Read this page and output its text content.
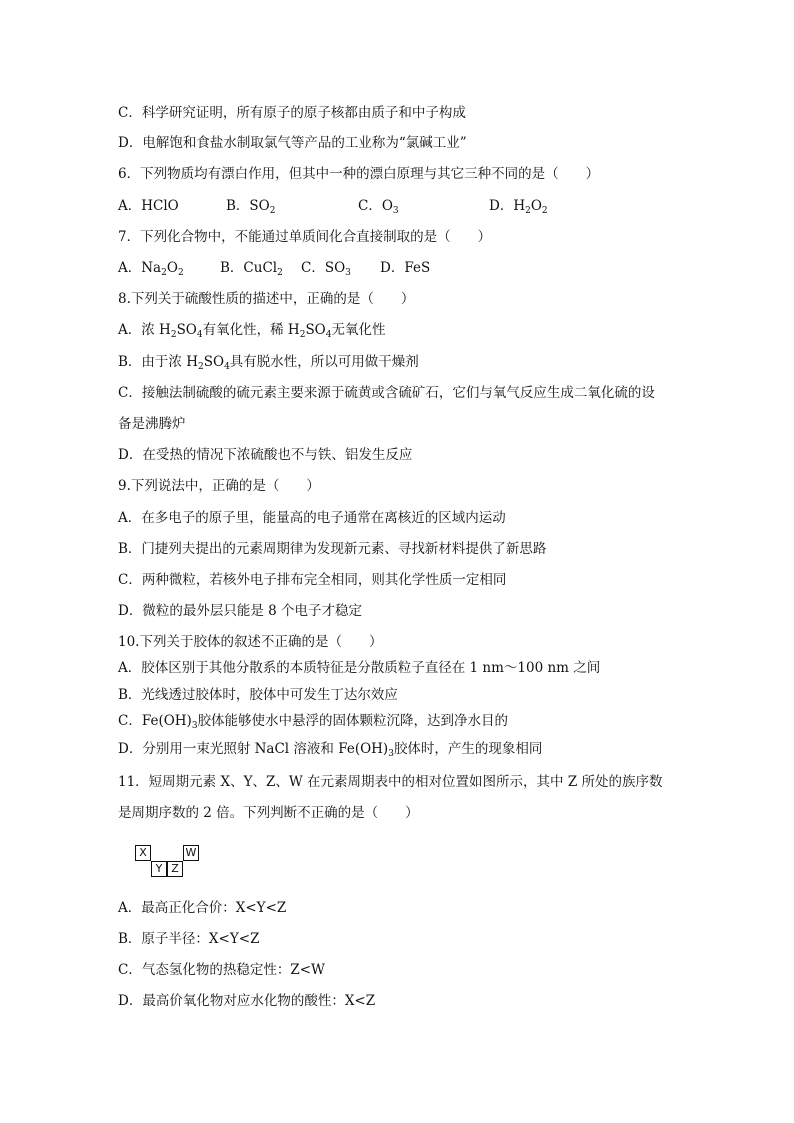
C．科学研究证明，所有原子的原子核都由质子和中子构成
D．电解饱和食盐水制取氯气等产品的工业称为“氯碱工业”
6．下列物质均有漂白作用，但其中一种的漂白原理与其它三种不同的是（　　）
A．HClO	B．$SO_2$	C．$O_3$	D．$H_2O_2$
7．下列化合物中，不能通过单质间化合直接制取的是（　　）
A．$Na_2O_2$	B．CuCl$_2$ C．$SO_3$ D．FeS
8.下列关于硫酸性质的描述中，正确的是（　　）
A．浓 $H_2SO_4$有氧化性，稀 $H_2SO_4$无氧化性
B．由于浓 $H_2SO_4$具有脱水性，所以可用做干燥剂
C．接触法制硫酸的硫元素主要来源于硫黄或含硫矿石，它们与氧气反应生成二氧化硫的设
备是沸腾炉
D．在受热的情况下浓硫酸也不与铁、铝发生反应
9.下列说法中，正确的是（　　）
A．在多电子的原子里，能量高的电子通常在离核近的区域内运动
B．门捷列夫提出的元素周期律为发现新元素、寻找新材料提供了新思路
C．两种微粒，若核外电子排布完全相同，则其化学性质一定相同
D．微粒的最外层只能是 8 个电子才稳定
10.下列关于胶体的叙述不正确的是（　　）
A．胶体区别于其他分散系的本质特征是分散质粒子直径在 1 nm～100 nm 之间
B．光线透过胶体时，胶体中可发生丁达尔效应
C．$Fe(OH)_3$胶体能够使水中悬浮的固体颗粒沉降，达到净水目的
D．分别用一束光照射 NaCl 溶液和 $Fe(OH)_3$胶体时，产生的现象相同
11．短周期元素 X、Y、Z、W 在元素周期表中的相对位置如图所示，其中 Z 所处的族序数
是周期序数的 2 倍。下列判断不正确的是（　　）
X
Y Z
W
A．最高正化合价：X<Y<Z
B．原子半径：X<Y<Z
C．气态氢化物的热稳定性：Z<W
D．最高价氧化物对应水化物的酸性：X<Z
